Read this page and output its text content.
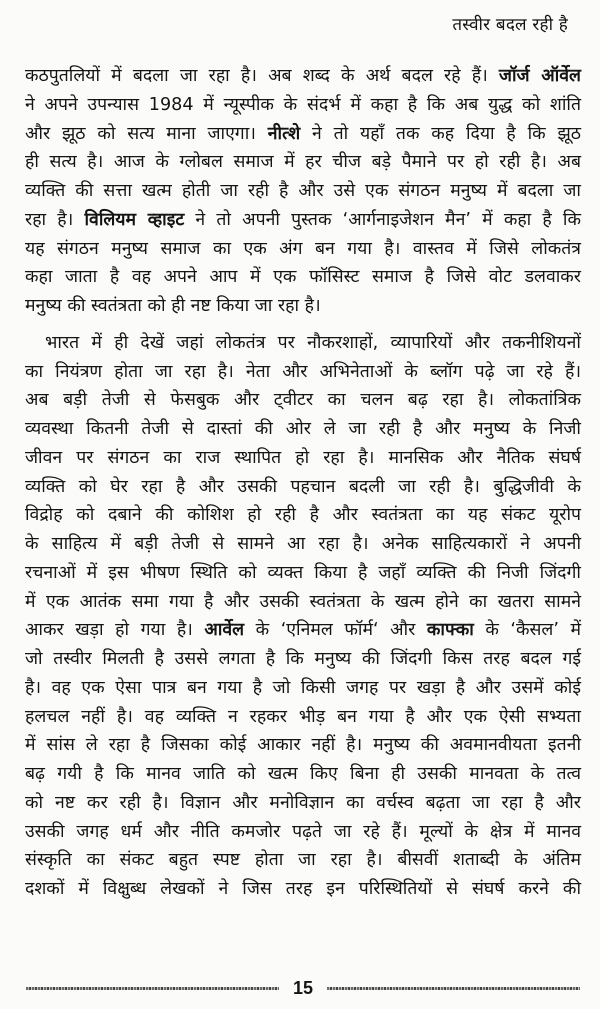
तस्वीर बदल रही है
कठपुतलियों में बदला जा रहा है। अब शब्द के अर्थ बदल रहे हैं। जॉर्ज ऑर्वेल
ने अपने उपन्यास 1984 में न्यूस्पीक के संदर्भ में कहा है कि अब युद्ध को शांति
और झूठ को सत्य माना जाएगा। नीत्शे ने तो यहाँ तक कह दिया है कि झूठ
ही सत्य है। आज के ग्लोबल समाज में हर चीज बड़े पैमाने पर हो रही है। अब
व्यक्ति की सत्ता खत्म होती जा रही है और उसे एक संगठन मनुष्य में बदला जा
रहा है। विलियम व्हाइट ने तो अपनी पुस्तक ‘आर्गनाइजेशन मैन’ में कहा है कि
यह संगठन मनुष्य समाज का एक अंग बन गया है। वास्तव में जिसे लोकतंत्र
कहा जाता है वह अपने आप में एक फॉसिस्ट समाज है जिसे वोट डलवाकर
मनुष्य की स्वतंत्रता को ही नष्ट किया जा रहा है।
भारत में ही देखें जहां लोकतंत्र पर नौकरशाहों, व्यापारियों और तकनीशियनों
का नियंत्रण होता जा रहा है। नेता और अभिनेताओं के ब्लॉग पढ़े जा रहे हैं।
अब बड़ी तेजी से फेसबुक और ट्वीटर का चलन बढ़ रहा है। लोकतांत्रिक
व्यवस्था कितनी तेजी से दास्तां की ओर ले जा रही है और मनुष्य के निजी
जीवन पर संगठन का राज स्थापित हो रहा है। मानसिक और नैतिक संघर्ष
व्यक्ति को घेर रहा है और उसकी पहचान बदली जा रही है। बुद्धिजीवी के
विद्रोह को दबाने की कोशिश हो रही है और स्वतंत्रता का यह संकट यूरोप
के साहित्य में बड़ी तेजी से सामने आ रहा है। अनेक साहित्यकारों ने अपनी
रचनाओं में इस भीषण स्थिति को व्यक्त किया है जहाँ व्यक्ति की निजी जिंदगी
में एक आतंक समा गया है और उसकी स्वतंत्रता के खत्म होने का खतरा सामने
आकर खड़ा हो गया है। आर्वेल के ‘एनिमल फॉर्म‘ और काफ्का के ‘कैसल’ में
जो तस्वीर मिलती है उससे लगता है कि मनुष्य की जिंदगी किस तरह बदल गई
है। वह एक ऐसा पात्र बन गया है जो किसी जगह पर खड़ा है और उसमें कोई
हलचल नहीं है। वह व्यक्ति न रहकर भीड़ बन गया है और एक ऐसी सभ्यता
में सांस ले रहा है जिसका कोई आकार नहीं है। मनुष्य की अवमानवीयता इतनी
बढ़ गयी है कि मानव जाति को खत्म किए बिना ही उसकी मानवता के तत्व
को नष्ट कर रही है। विज्ञान और मनोविज्ञान का वर्चस्व बढ़ता जा रहा है और
उसकी जगह धर्म और नीति कमजोर पढ़ते जा रहे हैं। मूल्यों के क्षेत्र में मानव
संस्कृति का संकट बहुत स्पष्ट होता जा रहा है। बीसवीं शताब्दी के अंतिम
दशकों में विक्षुब्ध लेखकों ने जिस तरह इन परिस्थितियों से संघर्ष करने की
15
